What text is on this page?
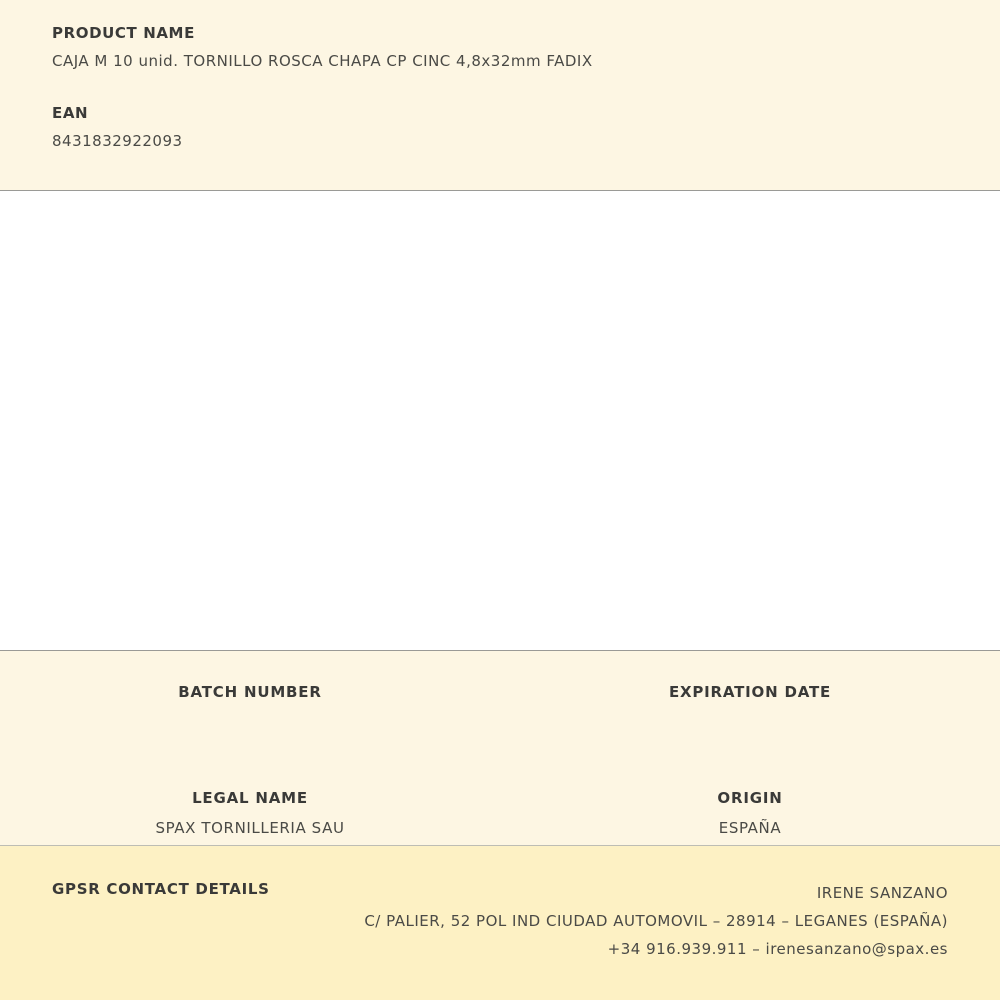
PRODUCT NAME

CAJA M 10 unid. TORNILLO ROSCA CHAPA CP CINC 4,8x32mm FADIX

EAN

8431832922093

BATCH NUMBER	EXPIRATION DATE

LEGAL NAME

SPAX TORNILLERIA SAU

ORIGIN

ESPAÑA

GPSR CONTACT DETAILS	IRENE SANZANO
C/ PALIER, 52 POL IND CIUDAD AUTOMOVIL – 28914 – LEGANES (ESPAÑA)
+34 916.939.911 – irenesanzano@spax.es
